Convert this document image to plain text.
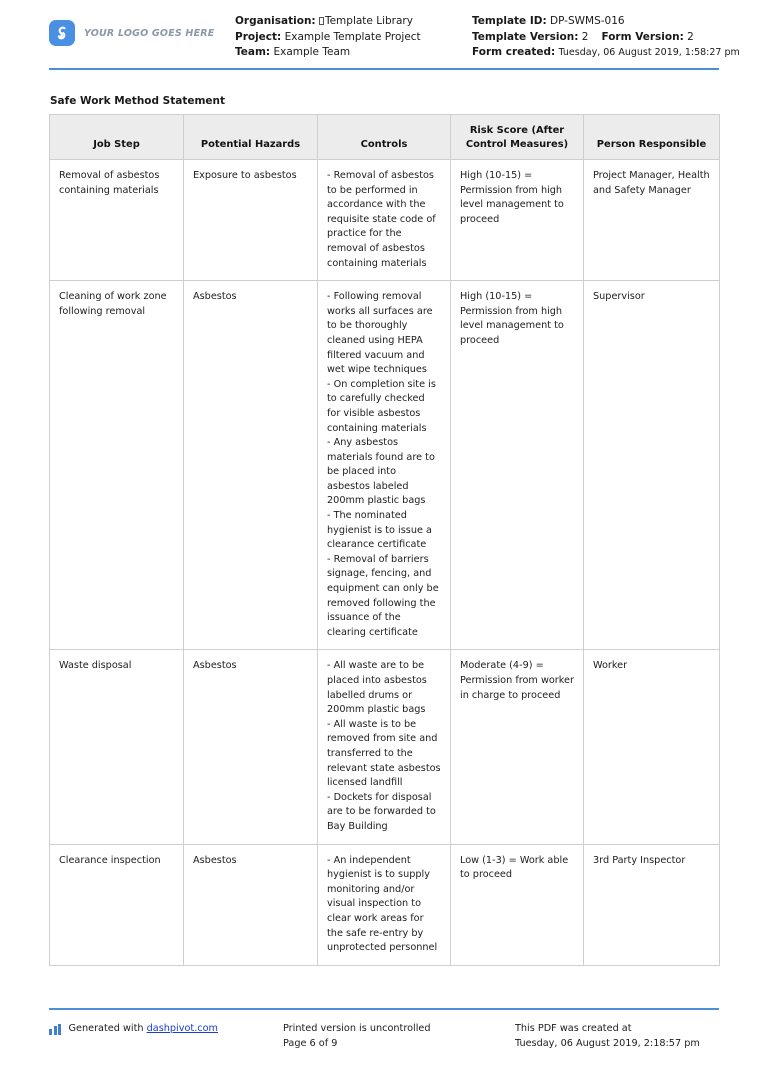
YOUR LOGO GOES HERE
Organisation: Template Library
Project: Example Template Project
Team: Example Team
Template ID: DP-SWMS-016
Template Version: 2 Form Version: 2
Form created: Tuesday, 06 August 2019, 1:58:27 pm
Safe Work Method Statement
Job Step	Potential Hazards	Controls	Risk Score (After Control Measures)	Person Responsible
Removal of asbestos containing materials	Exposure to asbestos	- Removal of asbestos to be performed in accordance with the requisite state code of practice for the removal of asbestos containing materials	High (10-15) = Permission from high level management to proceed	Project Manager, Health and Safety Manager
Cleaning of work zone following removal	Asbestos	- Following removal works all surfaces are to be thoroughly cleaned using HEPA filtered vacuum and wet wipe techniques
- On completion site is to carefully checked for visible asbestos containing materials
- Any asbestos materials found are to be placed into asbestos labeled 200mm plastic bags
- The nominated hygienist is to issue a clearance certificate
- Removal of barriers signage, fencing, and equipment can only be removed following the issuance of the clearing certificate	High (10-15) = Permission from high level management to proceed	Supervisor
Waste disposal	Asbestos	- All waste are to be placed into asbestos labelled drums or 200mm plastic bags
- All waste is to be removed from site and transferred to the relevant state asbestos licensed landfill
- Dockets for disposal are to be forwarded to Bay Building	Moderate (4-9) = Permission from worker in charge to proceed	Worker
Clearance inspection	Asbestos	- An independent hygienist is to supply monitoring and/or visual inspection to clear work areas for the safe re-entry by unprotected personnel	Low (1-3) = Work able to proceed	3rd Party Inspector
Generated with dashpivot.com	Printed version is uncontrolled
Page 6 of 9
This PDF was created at
Tuesday, 06 August 2019, 2:18:57 pm
